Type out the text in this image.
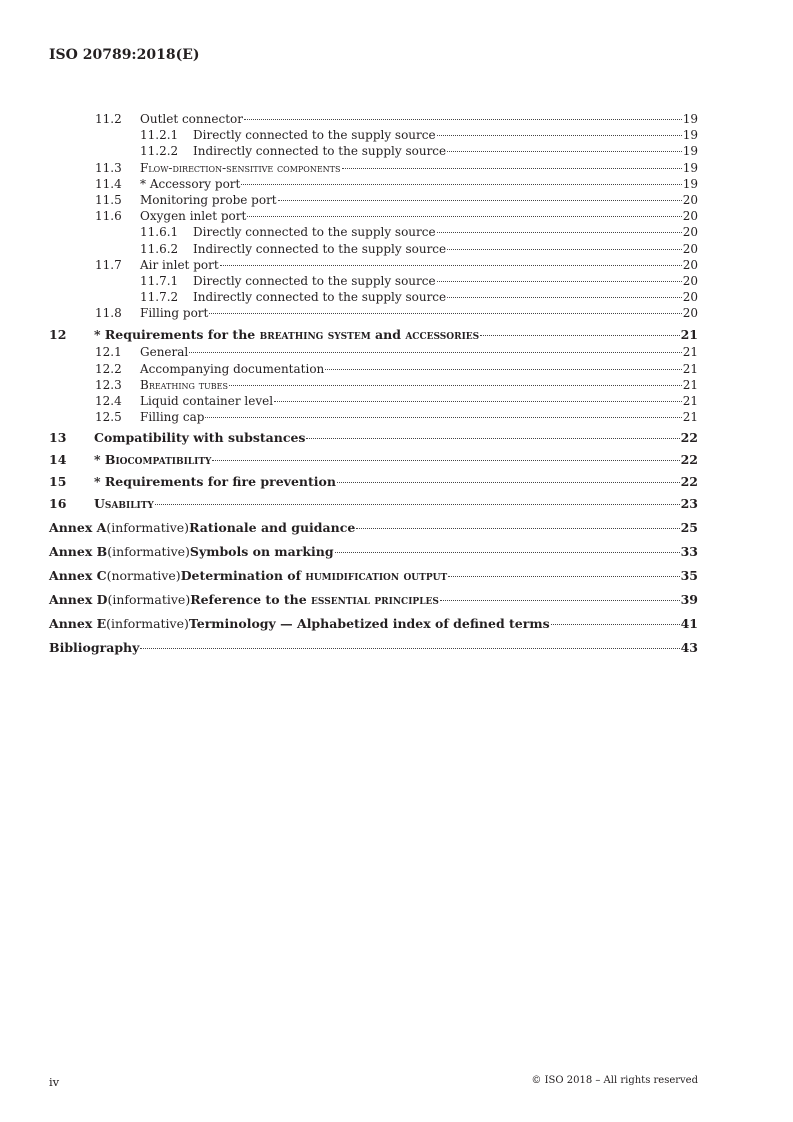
ISO 20789:2018(E)
11.2	Outlet connector	19
11.2.1	Directly connected to the supply source	19
11.2.2	Indirectly connected to the supply source	19
11.3	Flow-direction-sensitive components	19
11.4	* Accessory port	19
11.5	Monitoring probe port	20
11.6	Oxygen inlet port	20
11.6.1	Directly connected to the supply source	20
11.6.2	Indirectly connected to the supply source	20
11.7	Air inlet port	20
11.7.1	Directly connected to the supply source	20
11.7.2	Indirectly connected to the supply source	20
11.8	Filling port	20
12	* Requirements for the breathing system and accessories	21
12.1	General	21
12.2	Accompanying documentation	21
12.3	Breathing tubes	21
12.4	Liquid container level	21
12.5	Filling cap	21
13	Compatibility with substances	22
14	* Biocompatibility	22
15	* Requirements for fire prevention	22
16	Usability	23
Annex A (informative) Rationale and guidance	25
Annex B (informative) Symbols on marking	33
Annex C (normative) Determination of humidification output	35
Annex D (informative) Reference to the essential principles	39
Annex E (informative) Terminology — Alphabetized index of defined terms	41
Bibliography	43
iv	© ISO 2018 – All rights reserved
